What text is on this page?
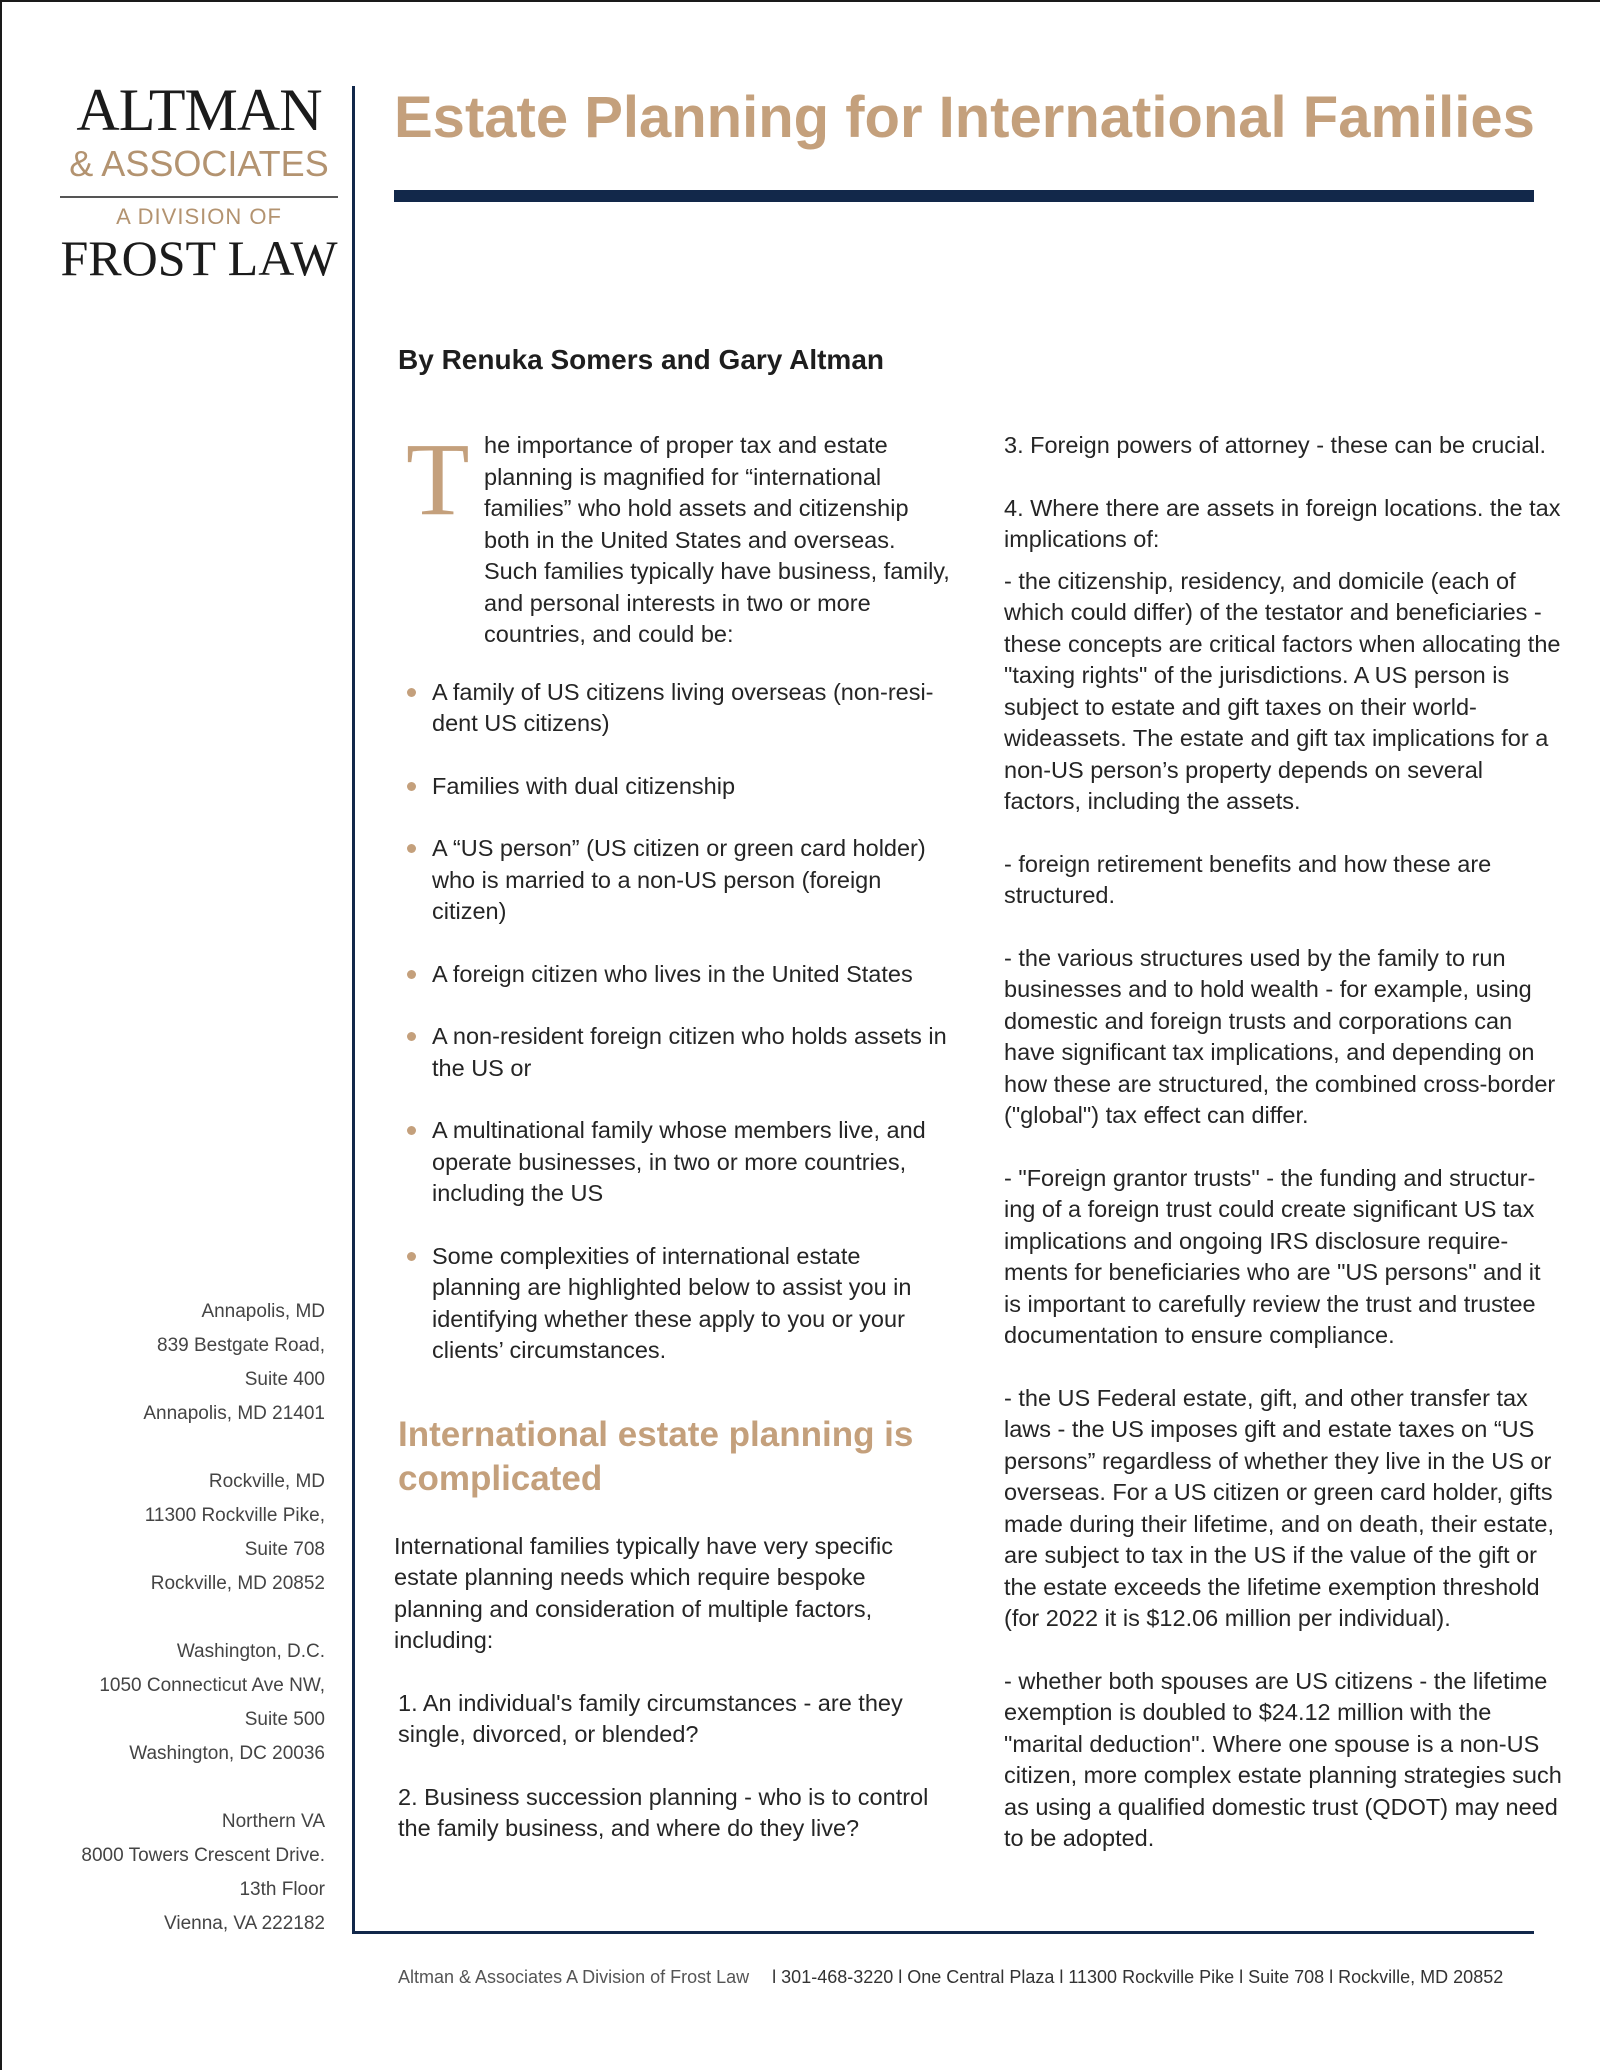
ALTMAN
& ASSOCIATES
A DIVISION OF
FROST LAW
Estate Planning for International Families
By Renuka Somers and Gary Altman

T he importance of proper tax and estate planning is magnified for “international families” who hold assets and citizenship both in the United States and overseas. Such families typically have business, family, and personal interests in two or more countries, and could be:

A family of US citizens living overseas (non-resi-dent US citizens)
Families with dual citizenship
A “US person” (US citizen or green card holder) who is married to a non-US person (foreign citizen)
A foreign citizen who lives in the United States
A non-resident foreign citizen who holds assets in the US or
A multinational family whose members live, and operate businesses, in two or more countries, including the US
Some complexities of international estate planning are highlighted below to assist you in identifying whether these apply to you or your clients’ circumstances.
International estate planning is complicated

International families typically have very specific estate planning needs which require bespoke planning and consideration of multiple factors, including:

1. An individual's family circumstances - are they single, divorced, or blended?

2. Business succession planning - who is to control the family business, and where do they live?

3. Foreign powers of attorney - these can be crucial.

4. Where there are assets in foreign locations. the tax implications of:

- the citizenship, residency, and domicile (each of which could differ) of the testator and beneficiaries - these concepts are critical factors when allocating the "taxing rights" of the jurisdictions. A US person is subject to estate and gift taxes on their world-wideassets. The estate and gift tax implications for a non-US person’s property depends on several factors, including the assets.

- foreign retirement benefits and how these are structured.

- the various structures used by the family to run businesses and to hold wealth - for example, using domestic and foreign trusts and corporations can have significant tax implications, and depending on how these are structured, the combined cross-border ("global") tax effect can differ.

- "Foreign grantor trusts" - the funding and structur-ing of a foreign trust could create significant US tax implications and ongoing IRS disclosure require-ments for beneficiaries who are "US persons" and it is important to carefully review the trust and trustee documentation to ensure compliance.

- the US Federal estate, gift, and other transfer tax laws - the US imposes gift and estate taxes on “US persons” regardless of whether they live in the US or overseas. For a US citizen or green card holder, gifts made during their lifetime, and on death, their estate, are subject to tax in the US if the value of the gift or the estate exceeds the lifetime exemption threshold (for 2022 it is $12.06 million per individual).

- whether both spouses are US citizens - the lifetime exemption is doubled to $24.12 million with the "marital deduction". Where one spouse is a non-US citizen, more complex estate planning strategies such as using a qualified domestic trust (QDOT) may need to be adopted.

Annapolis, MD
839 Bestgate Road,
Suite 400
Annapolis, MD 21401
Rockville, MD
11300 Rockville Pike,
Suite 708
Rockville, MD 20852
Washington, D.C.
1050 Connecticut Ave NW,
Suite 500
Washington, DC 20036
Northern VA
8000 Towers Crescent Drive.
13th Floor
Vienna, VA 222182
Altman & Associates A Division of Frost Law l 301-468-3220 l One Central Plaza l 11300 Rockville Pike l Suite 708 l Rockville, MD 20852
